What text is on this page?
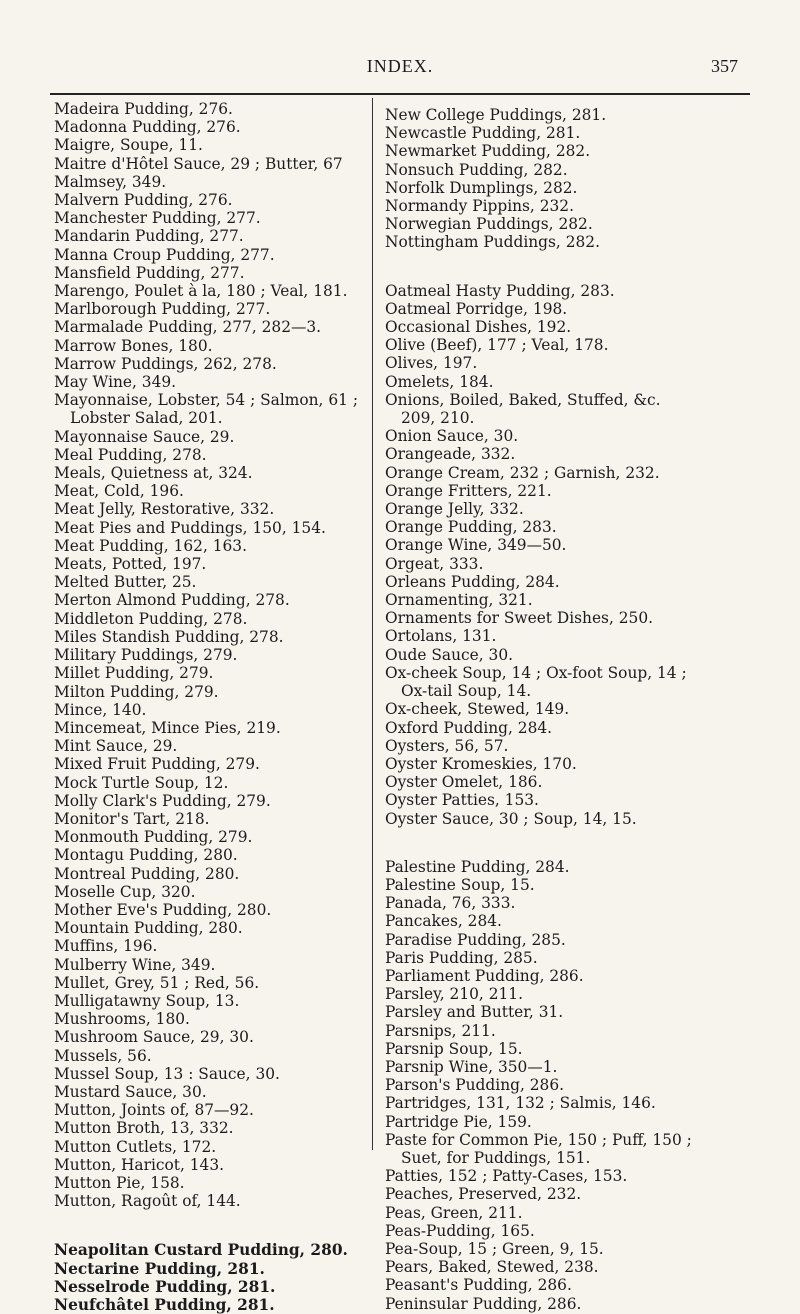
INDEX.	357
Madeira Pudding, 276.
Madonna Pudding, 276.
Maigre, Soupe, 11.
Maitre d'Hôtel Sauce, 29 ; Butter, 67
Malmsey, 349.
Malvern Pudding, 276.
Manchester Pudding, 277.
Mandarin Pudding, 277.
Manna Croup Pudding, 277.
Mansfield Pudding, 277.
Marengo, Poulet à la, 180 ; Veal, 181.
Marlborough Pudding, 277.
Marmalade Pudding, 277, 282—3.
Marrow Bones, 180.
Marrow Puddings, 262, 278.
May Wine, 349.
Mayonnaise, Lobster, 54 ; Salmon, 61 ;
Lobster Salad, 201.
Mayonnaise Sauce, 29.
Meal Pudding, 278.
Meals, Quietness at, 324.
Meat, Cold, 196.
Meat Jelly, Restorative, 332.
Meat Pies and Puddings, 150, 154.
Meat Pudding, 162, 163.
Meats, Potted, 197.
Melted Butter, 25.
Merton Almond Pudding, 278.
Middleton Pudding, 278.
Miles Standish Pudding, 278.
Military Puddings, 279.
Millet Pudding, 279.
Milton Pudding, 279.
Mince, 140.
Mincemeat, Mince Pies, 219.
Mint Sauce, 29.
Mixed Fruit Pudding, 279.
Mock Turtle Soup, 12.
Molly Clark's Pudding, 279.
Monitor's Tart, 218.
Monmouth Pudding, 279.
Montagu Pudding, 280.
Montreal Pudding, 280.
Moselle Cup, 320.
Mother Eve's Pudding, 280.
Mountain Pudding, 280.
Muffins, 196.
Mulberry Wine, 349.
Mullet, Grey, 51 ; Red, 56.
Mulligatawny Soup, 13.
Mushrooms, 180.
Mushroom Sauce, 29, 30.
Mussels, 56.
Mussel Soup, 13 : Sauce, 30.
Mustard Sauce, 30.
Mutton, Joints of, 87—92.
Mutton Broth, 13, 332.
Mutton Cutlets, 172.
Mutton, Haricot, 143.
Mutton Pie, 158.
Mutton, Ragoût of, 144.
Neapolitan Custard Pudding, 280.
Nectarine Pudding, 281.
Nesselrode Pudding, 281.
Neufchâtel Pudding, 281.
New College Puddings, 281.
Newcastle Pudding, 281.
Newmarket Pudding, 282.
Nonsuch Pudding, 282.
Norfolk Dumplings, 282.
Normandy Pippins, 232.
Norwegian Puddings, 282.
Nottingham Puddings, 282.
Oatmeal Hasty Pudding, 283.
Oatmeal Porridge, 198.
Occasional Dishes, 192.
Olive (Beef), 177 ; Veal, 178.
Olives, 197.
Omelets, 184.
Onions, Boiled, Baked, Stuffed, &c.
209, 210.
Onion Sauce, 30.
Orangeade, 332.
Orange Cream, 232 ; Garnish, 232.
Orange Fritters, 221.
Orange Jelly, 332.
Orange Pudding, 283.
Orange Wine, 349—50.
Orgeat, 333.
Orleans Pudding, 284.
Ornamenting, 321.
Ornaments for Sweet Dishes, 250.
Ortolans, 131.
Oude Sauce, 30.
Ox-cheek Soup, 14 ; Ox-foot Soup, 14 ;
Ox-tail Soup, 14.
Ox-cheek, Stewed, 149.
Oxford Pudding, 284.
Oysters, 56, 57.
Oyster Kromeskies, 170.
Oyster Omelet, 186.
Oyster Patties, 153.
Oyster Sauce, 30 ; Soup, 14, 15.
Palestine Pudding, 284.
Palestine Soup, 15.
Panada, 76, 333.
Pancakes, 284.
Paradise Pudding, 285.
Paris Pudding, 285.
Parliament Pudding, 286.
Parsley, 210, 211.
Parsley and Butter, 31.
Parsnips, 211.
Parsnip Soup, 15.
Parsnip Wine, 350—1.
Parson's Pudding, 286.
Partridges, 131, 132 ; Salmis, 146.
Partridge Pie, 159.
Paste for Common Pie, 150 ; Puff, 150 ;
Suet, for Puddings, 151.
Patties, 152 ; Patty-Cases, 153.
Peaches, Preserved, 232.
Peas, Green, 211.
Peas-Pudding, 165.
Pea-Soup, 15 ; Green, 9, 15.
Pears, Baked, Stewed, 238.
Peasant's Pudding, 286.
Peninsular Pudding, 286.
